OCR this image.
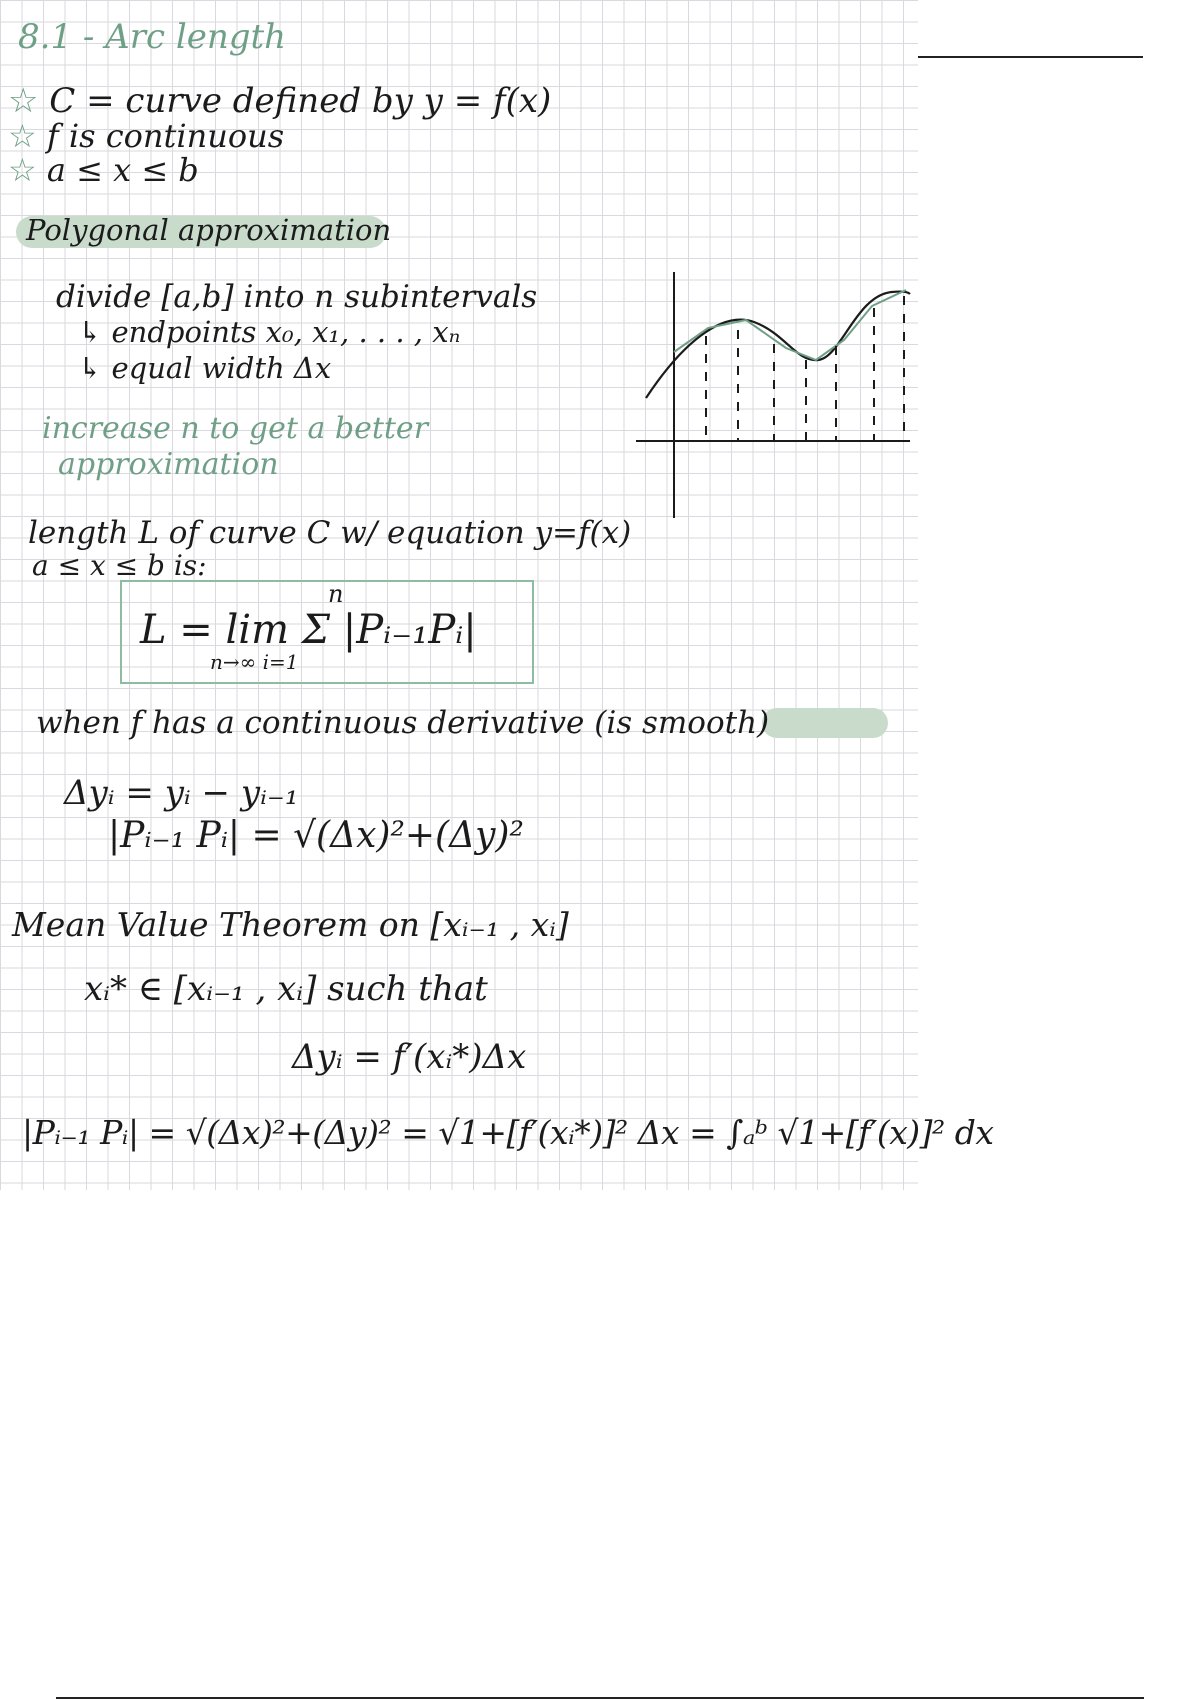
8.1 - Arc length
☆ C = curve defined by y = f(x)
☆ f is continuous
☆ a ≤ x ≤ b
Polygonal approximation
divide [a,b] into n subintervals
↳ endpoints x₀, x₁, . . . , xₙ
↳ equal width Δx
increase n to get a better
approximation
length L of curve C w/ equation y=f(x)
a ≤ x ≤ b is:
n
L = lim Σ |Pᵢ₋₁Pᵢ|
n→∞ i=1
when f has a continuous derivative (is smooth)
Δyᵢ = yᵢ − yᵢ₋₁
|Pᵢ₋₁ Pᵢ| = √(Δx)²+(Δy)²
Mean Value Theorem on [xᵢ₋₁ , xᵢ]
xᵢ* ∈ [xᵢ₋₁ , xᵢ] such that
Δyᵢ = f′(xᵢ*)Δx
|Pᵢ₋₁ Pᵢ| = √(Δx)²+(Δy)² = √1+[f′(xᵢ*)]² Δx = ∫ₐᵇ √1+[f′(x)]² dx
